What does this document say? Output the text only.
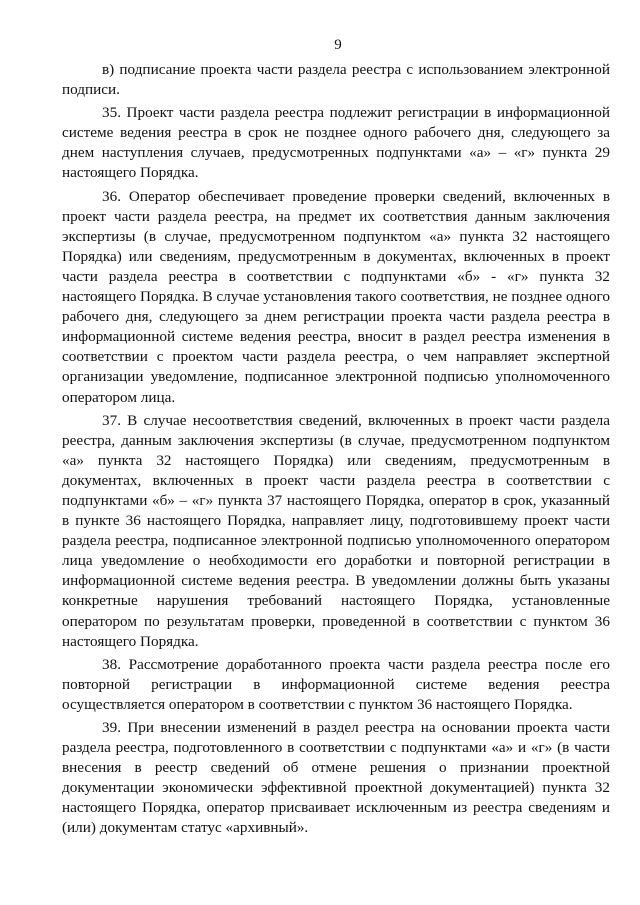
9

в) подписание проекта части раздела реестра с использованием электронной подписи.

35. Проект части раздела реестра подлежит регистрации в информационной системе ведения реестра в срок не позднее одного рабочего дня, следующего за днем наступления случаев, предусмотренных подпунктами «а» – «г» пункта 29 настоящего Порядка.

36. Оператор обеспечивает проведение проверки сведений, включенных в проект части раздела реестра, на предмет их соответствия данным заключения экспертизы (в случае, предусмотренном подпунктом «а» пункта 32 настоящего Порядка) или сведениям, предусмотренным в документах, включенных в проект части раздела реестра в соответствии с подпунктами «б» - «г» пункта 32 настоящего Порядка. В случае установления такого соответствия, не позднее одного рабочего дня, следующего за днем регистрации проекта части раздела реестра в информационной системе ведения реестра, вносит в раздел реестра изменения в соответствии с проектом части раздела реестра, о чем направляет экспертной организации уведомление, подписанное электронной подписью уполномоченного оператором лица.

37. В случае несоответствия сведений, включенных в проект части раздела реестра, данным заключения экспертизы (в случае, предусмотренном подпунктом «а» пункта 32 настоящего Порядка) или сведениям, предусмотренным в документах, включенных в проект части раздела реестра в соответствии с подпунктами «б» – «г» пункта 37 настоящего Порядка, оператор в срок, указанный в пункте 36 настоящего Порядка, направляет лицу, подготовившему проект части раздела реестра, подписанное электронной подписью уполномоченного оператором лица уведомление о необходимости его доработки и повторной регистрации в информационной системе ведения реестра. В уведомлении должны быть указаны конкретные нарушения требований настоящего Порядка, установленные оператором по результатам проверки, проведенной в соответствии с пунктом 36 настоящего Порядка.

38. Рассмотрение доработанного проекта части раздела реестра после его повторной регистрации в информационной системе ведения реестра осуществляется оператором в соответствии с пунктом 36 настоящего Порядка.

39. При внесении изменений в раздел реестра на основании проекта части раздела реестра, подготовленного в соответствии с подпунктами «а» и «г» (в части внесения в реестр сведений об отмене решения о признании проектной документации экономически эффективной проектной документацией) пункта 32 настоящего Порядка, оператор присваивает исключенным из реестра сведениям и (или) документам статус «архивный».
